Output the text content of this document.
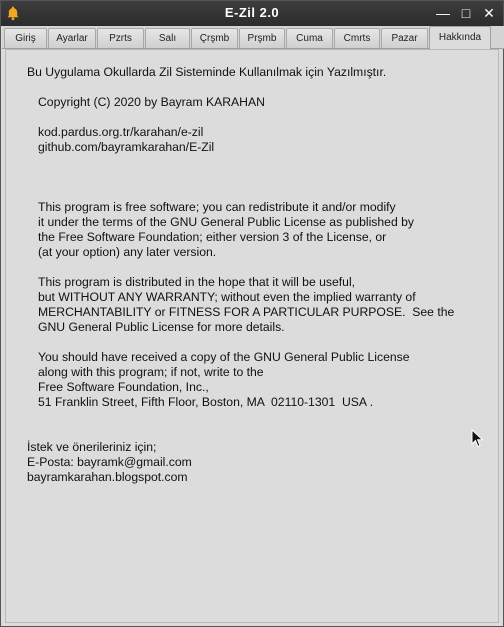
E-Zil 2.0	— □ ✕
Giriş	Ayarlar	Pzrts	Salı	Çrşmb	Prşmb	Cuma	Cmrts	Pazar	Hakkında
Bu Uygulama Okullarda Zil Sisteminde Kullanılmak için Yazılmıştır.
Copyright (C) 2020 by Bayram KARAHAN
kod.pardus.org.tr/karahan/e-zil
github.com/bayramkarahan/E-Zil
This program is free software; you can redistribute it and/or modify
it under the terms of the GNU General Public License as published by
the Free Software Foundation; either version 3 of the License, or
(at your option) any later version.
This program is distributed in the hope that it will be useful,
but WITHOUT ANY WARRANTY; without even the implied warranty of
MERCHANTABILITY or FITNESS FOR A PARTICULAR PURPOSE.  See the
GNU General Public License for more details.
You should have received a copy of the GNU General Public License
along with this program; if not, write to the
Free Software Foundation, Inc.,
51 Franklin Street, Fifth Floor, Boston, MA  02110-1301  USA .
İstek ve önerileriniz için;
E-Posta: bayramk@gmail.com
bayramkarahan.blogspot.com
